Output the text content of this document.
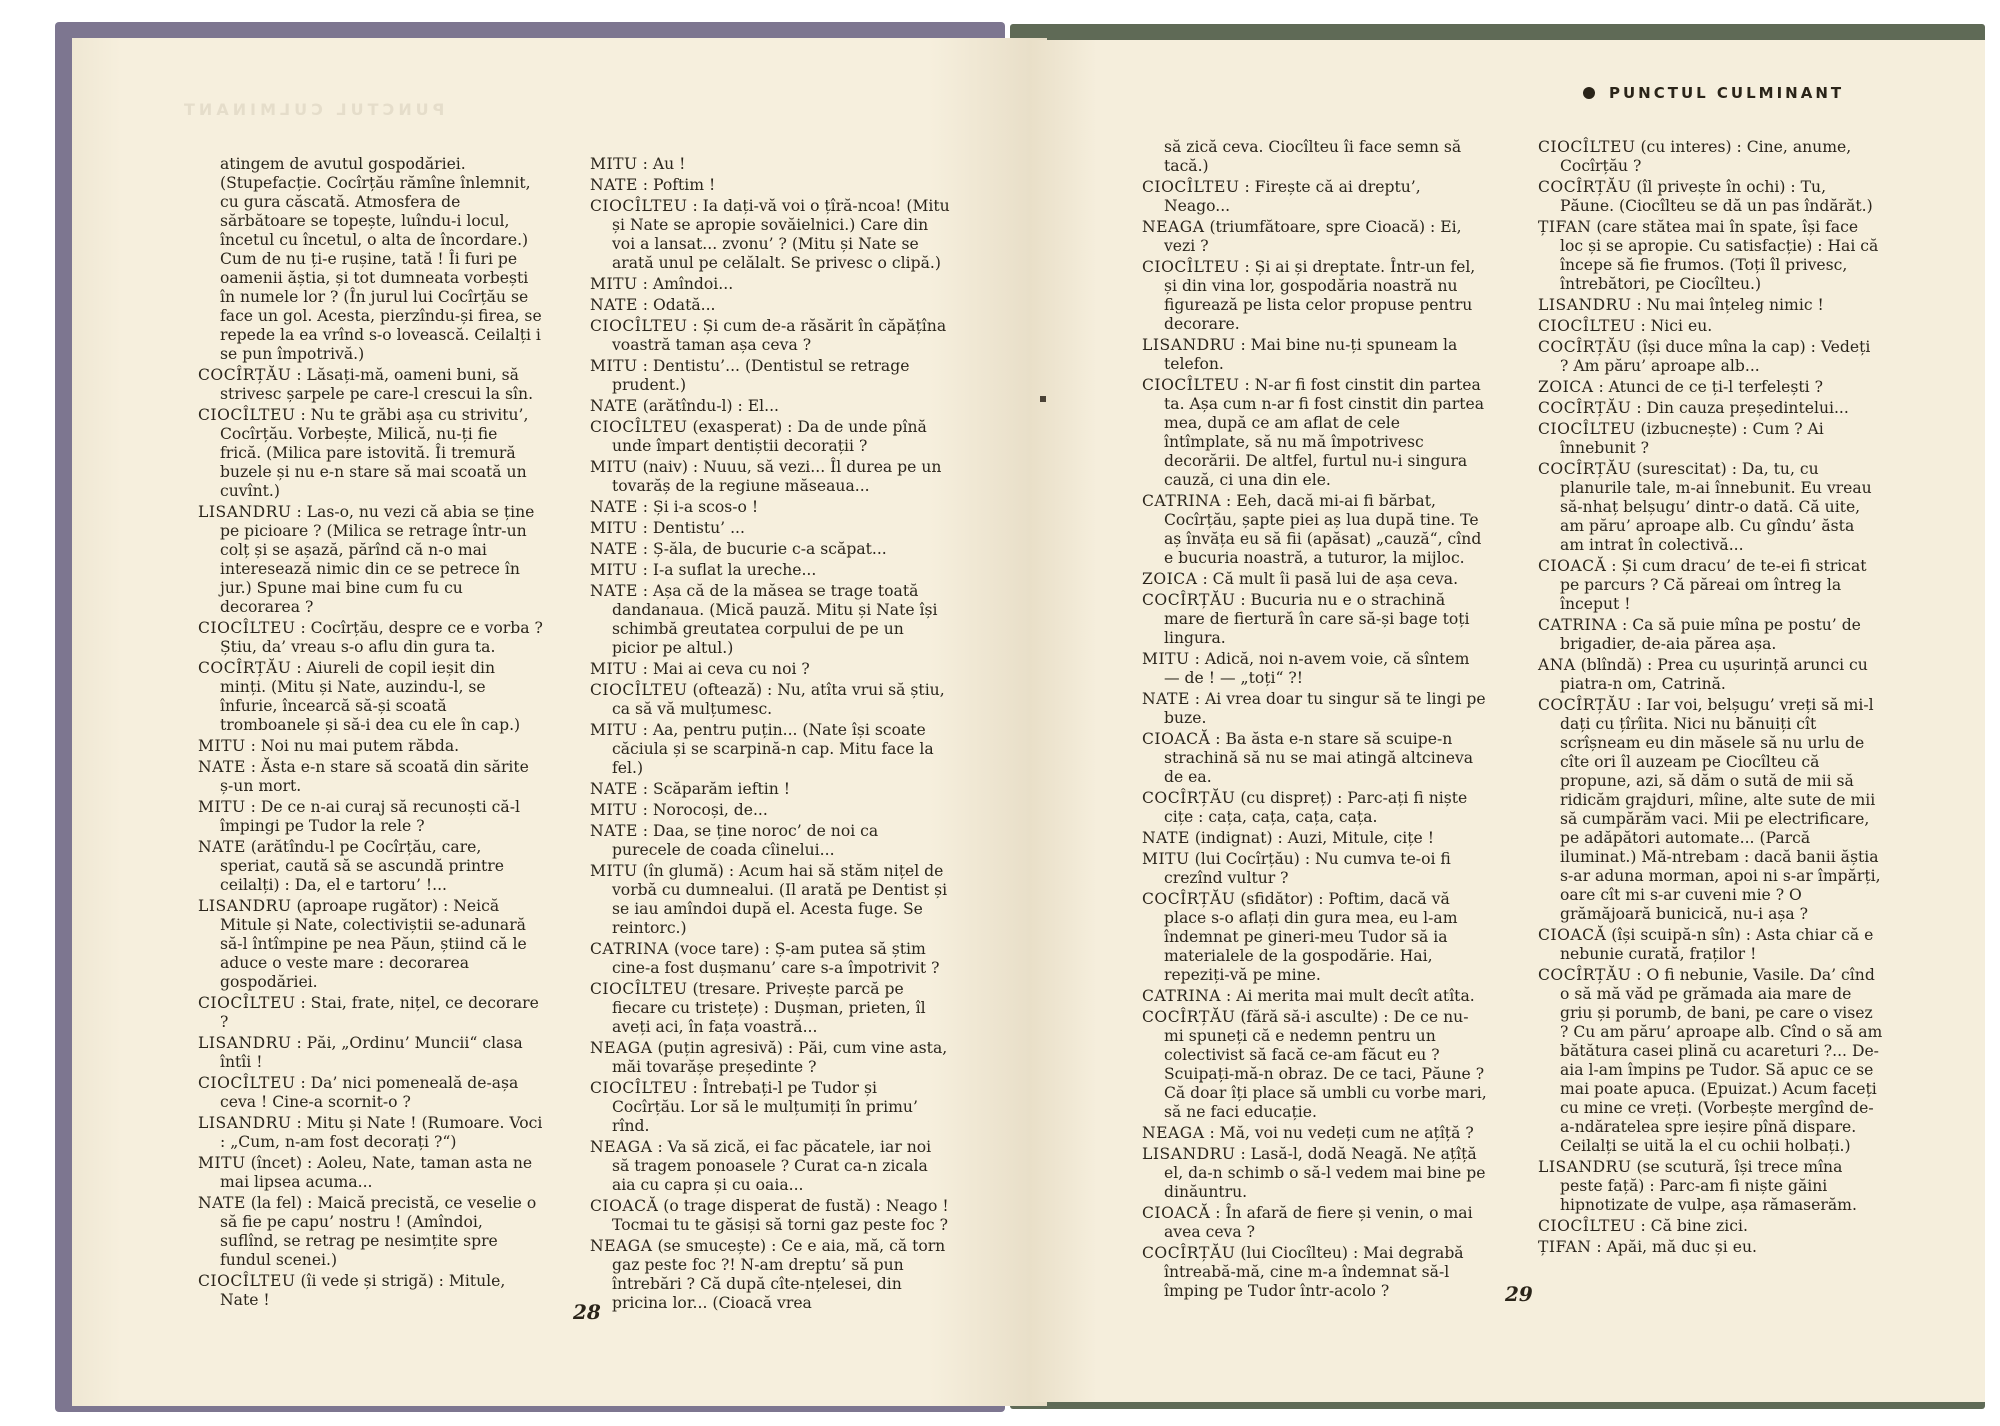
PUNCTUL CULMINANT

atingem de avutul gospodăriei. (Stupefacție. Cocîrțău rămîne înlemnit, cu gura căscată. Atmosfera de sărbătoare se topește, luîndu-i locul, încetul cu încetul, o alta de încordare.) Cum de nu ți-e rușine, tată ! Îi furi pe oamenii ăștia, și tot dumneata vorbești în numele lor ? (În jurul lui Cocîrțău se face un gol. Acesta, pierzîndu-și firea, se repede la ea vrînd s-o lovească. Ceilalți i se pun împotrivă.)

COCÎRȚĂU : Lăsați-mă, oameni buni, să strivesc șarpele pe care-l crescui la sîn.

CIOCÎLTEU : Nu te grăbi așa cu strivitu’, Cocîrțău. Vorbește, Milică, nu-ți fie frică. (Milica pare istovită. Îi tremură buzele și nu e-n stare să mai scoată un cuvînt.)

LISANDRU : Las-o, nu vezi că abia se ține pe picioare ? (Milica se retrage într-un colț și se așază, părînd că n-o mai interesează nimic din ce se petrece în jur.) Spune mai bine cum fu cu decorarea ?

CIOCÎLTEU : Cocîrțău, despre ce e vorba ? Știu, da’ vreau s-o aflu din gura ta.

COCÎRȚĂU : Aiureli de copil ieșit din minți. (Mitu și Nate, auzindu-l, se înfurie, încearcă să-și scoată tromboanele și să-i dea cu ele în cap.)

MITU : Noi nu mai putem răbda.

NATE : Ăsta e-n stare să scoată din sărite ș-un mort.

MITU : De ce n-ai curaj să recunoști că-l împingi pe Tudor la rele ?

NATE (arătîndu-l pe Cocîrțău, care, speriat, caută să se ascundă printre ceilalți) : Da, el e tartoru’ !...

LISANDRU (aproape rugător) : Neică Mitule și Nate, colectiviștii se-adunară să-l întîmpine pe nea Păun, știind că le aduce o veste mare : decorarea gospodăriei.

CIOCÎLTEU : Stai, frate, nițel, ce decorare ?

LISANDRU : Păi, „Ordinu’ Muncii“ clasa întîi !

CIOCÎLTEU : Da’ nici pomeneală de-așa ceva ! Cine-a scornit-o ?

LISANDRU : Mitu și Nate ! (Rumoare. Voci : „Cum, n-am fost decorați ?“)

MITU (încet) : Aoleu, Nate, taman asta ne mai lipsea acuma...

NATE (la fel) : Maică precistă, ce veselie o să fie pe capu’ nostru ! (Amîndoi, suflînd, se retrag pe nesimțite spre fundul scenei.)

CIOCÎLTEU (îi vede și strigă) : Mitule, Nate !

MITU : Au !

NATE : Poftim !

CIOCÎLTEU : Ia dați-vă voi o țîră-ncoa! (Mitu și Nate se apropie sovăielnici.) Care din voi a lansat... zvonu’ ? (Mitu și Nate se arată unul pe celălalt. Se privesc o clipă.)

MITU : Amîndoi...

NATE : Odată...

CIOCÎLTEU : Și cum de-a răsărit în căpățîna voastră taman așa ceva ?

MITU : Dentistu’... (Dentistul se retrage prudent.)

NATE (arătîndu-l) : El...

CIOCÎLTEU (exasperat) : Da de unde pînă unde împart dentiștii decorații ?

MITU (naiv) : Nuuu, să vezi... Îl durea pe un tovarăș de la regiune măseaua...

NATE : Și i-a scos-o !

MITU : Dentistu’ ...

NATE : Ș-ăla, de bucurie c-a scăpat...

MITU : I-a suflat la ureche...

NATE : Așa că de la măsea se trage toată dandanaua. (Mică pauză. Mitu și Nate își schimbă greutatea corpului de pe un picior pe altul.)

MITU : Mai ai ceva cu noi ?

CIOCÎLTEU (oftează) : Nu, atîta vrui să știu, ca să vă mulțumesc.

MITU : Aa, pentru puțin... (Nate își scoate căciula și se scarpină-n cap. Mitu face la fel.)

NATE : Scăparăm ieftin !

MITU : Norocoși, de...

NATE : Daa, se ține noroc’ de noi ca purecele de coada cîinelui...

MITU (în glumă) : Acum hai să stăm nițel de vorbă cu dumnealui. (Il arată pe Dentist și se iau amîndoi după el. Acesta fuge. Se reintorc.)

CATRINA (voce tare) : Ș-am putea să știm cine-a fost dușmanu’ care s-a împotrivit ?

CIOCÎLTEU (tresare. Privește parcă pe fiecare cu tristețe) : Dușman, prieten, îl aveți aci, în fața voastră...

NEAGA (puțin agresivă) : Păi, cum vine asta, măi tovarășe președinte ?

CIOCÎLTEU : Întrebați-l pe Tudor și Cocîrțău. Lor să le mulțumiți în primu’ rînd.

NEAGA : Va să zică, ei fac păcatele, iar noi să tragem ponoasele ? Curat ca-n zicala aia cu capra și cu oaia...

CIOACĂ (o trage disperat de fustă) : Neago ! Tocmai tu te găsiși să torni gaz peste foc ?

NEAGA (se smucește) : Ce e aia, mă, că torn gaz peste foc ?! N-am dreptu’ să pun întrebări ? Că după cîte-nțelesei, din pricina lor... (Cioacă vrea

să zică ceva. Ciocîlteu îi face semn să tacă.)

CIOCÎLTEU : Firește că ai dreptu’, Neago...

NEAGA (triumfătoare, spre Cioacă) : Ei, vezi ?

CIOCÎLTEU : Și ai și dreptate. Într-un fel, și din vina lor, gospodăria noastră nu figurează pe lista celor propuse pentru decorare.

LISANDRU : Mai bine nu-ți spuneam la telefon.

CIOCÎLTEU : N-ar fi fost cinstit din partea ta. Așa cum n-ar fi fost cinstit din partea mea, după ce am aflat de cele întîmplate, să nu mă împotrivesc decorării. De altfel, furtul nu-i singura cauză, ci una din ele.

CATRINA : Eeh, dacă mi-ai fi bărbat, Cocîrțău, șapte piei aș lua după tine. Te aș învăța eu să fii (apăsat) „cauză“, cînd e bucuria noastră, a tuturor, la mijloc.

ZOICA : Că mult îi pasă lui de așa ceva.

COCÎRȚĂU : Bucuria nu e o strachină mare de fiertură în care să-și bage toți lingura.

MITU : Adică, noi n-avem voie, că sîntem — de ! — „toți“ ?!

NATE : Ai vrea doar tu singur să te lingi pe buze.

CIOACĂ : Ba ăsta e-n stare să scuipe-n strachină să nu se mai atingă altcineva de ea.

COCÎRȚĂU (cu dispreț) : Parc-ați fi niște cițe : cața, cața, cața, cața.

NATE (indignat) : Auzi, Mitule, cițe !

MITU (lui Cocîrțău) : Nu cumva te-oi fi crezînd vultur ?

COCÎRȚĂU (sfidător) : Poftim, dacă vă place s-o aflați din gura mea, eu l-am îndemnat pe gineri-meu Tudor să ia materialele de la gospodărie. Hai, repeziți-vă pe mine.

CATRINA : Ai merita mai mult decît atîta.

COCÎRȚĂU (fără să-i asculte) : De ce nu-mi spuneți că e nedemn pentru un colectivist să facă ce-am făcut eu ? Scuipați-mă-n obraz. De ce taci, Păune ? Că doar îți place să umbli cu vorbe mari, să ne faci educație.

NEAGA : Mă, voi nu vedeți cum ne ațîță ?

LISANDRU : Lasă-l, dodă Neagă. Ne ațîță el, da-n schimb o să-l vedem mai bine pe dinăuntru.

CIOACĂ : În afară de fiere și venin, o mai avea ceva ?

COCÎRȚĂU (lui Ciocîlteu) : Mai degrabă întreabă-mă, cine m-a îndemnat să-l împing pe Tudor într-acolo ?

CIOCÎLTEU (cu interes) : Cine, anume, Cocîrțău ?

COCÎRȚĂU (îl privește în ochi) : Tu, Păune. (Ciocîlteu se dă un pas îndărăt.)

ȚIFAN (care stătea mai în spate, își face loc și se apropie. Cu satisfacție) : Hai că începe să fie frumos. (Toți îl privesc, întrebători, pe Ciocîlteu.)

LISANDRU : Nu mai înțeleg nimic !

CIOCÎLTEU : Nici eu.

COCÎRȚĂU (își duce mîna la cap) : Vedeți ? Am păru’ aproape alb...

ZOICA : Atunci de ce ți-l terfelești ?

COCÎRȚĂU : Din cauza președintelui...

CIOCÎLTEU (izbucnește) : Cum ? Ai înnebunit ?

COCÎRȚĂU (surescitat) : Da, tu, cu planurile tale, m-ai înnebunit. Eu vreau să-nhaț belșugu’ dintr-o dată. Că uite, am păru’ aproape alb. Cu gîndu’ ăsta am intrat în colectivă...

CIOACĂ : Și cum dracu’ de te-ei fi stricat pe parcurs ? Că păreai om întreg la început !

CATRINA : Ca să puie mîna pe postu’ de brigadier, de-aia părea așa.

ANA (blîndă) : Prea cu ușurință arunci cu piatra-n om, Catrină.

COCÎRȚĂU : Iar voi, belșugu’ vreți să mi-l dați cu țîrîita. Nici nu bănuiți cît scrîșneam eu din măsele să nu urlu de cîte ori îl auzeam pe Ciocîlteu că propune, azi, să dăm o sută de mii să ridicăm grajduri, mîine, alte sute de mii să cumpărăm vaci. Mii pe electrificare, pe adăpători automate... (Parcă iluminat.) Mă-ntrebam : dacă banii ăștia s-ar aduna morman, apoi ni s-ar împărți, oare cît mi s-ar cuveni mie ? O grămăjoară bunicică, nu-i așa ?

CIOACĂ (își scuipă-n sîn) : Asta chiar că e nebunie curată, fraților !

COCÎRȚĂU : O fi nebunie, Vasile. Da’ cînd o să mă văd pe grămada aia mare de griu și porumb, de bani, pe care o visez ? Cu am păru’ aproape alb. Cînd o să am bătătura casei plină cu acareturi ?... De-aia l-am împins pe Tudor. Să apuc ce se mai poate apuca. (Epuizat.) Acum faceți cu mine ce vreți. (Vorbește mergînd de-a-ndăratelea spre ieșire pînă dispare. Ceilalți se uită la el cu ochii holbați.)

LISANDRU (se scutură, își trece mîna peste față) : Parc-am fi niște găini hipnotizate de vulpe, așa rămaserăm.

CIOCÎLTEU : Că bine zici.

ȚIFAN : Apăi, mă duc și eu.

PUNCTUL CULMINANT
28
29
